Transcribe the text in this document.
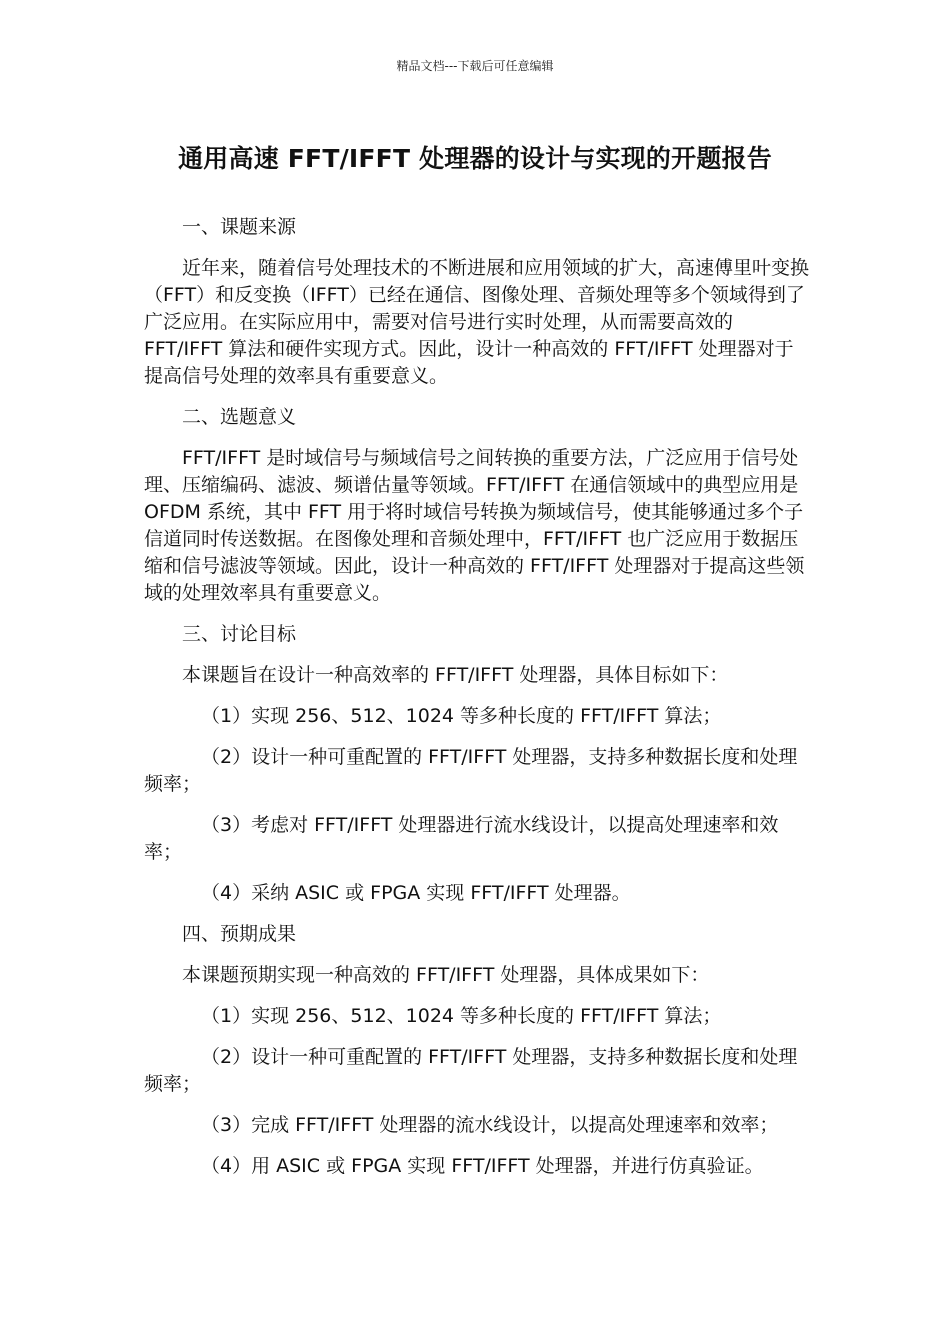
精品文档---下载后可任意编辑
通用高速 FFT/IFFT 处理器的设计与实现的开题报告

一、课题来源

近年来，随着信号处理技术的不断进展和应用领域的扩大，高速傅里叶变换（FFT）和反变换（IFFT）已经在通信、图像处理、音频处理等多个领域得到了广泛应用。在实际应用中，需要对信号进行实时处理，从而需要高效的 FFT/IFFT 算法和硬件实现方式。因此，设计一种高效的 FFT/IFFT 处理器对于提高信号处理的效率具有重要意义。

二、选题意义

FFT/IFFT 是时域信号与频域信号之间转换的重要方法，广泛应用于信号处理、压缩编码、滤波、频谱估量等领域。FFT/IFFT 在通信领域中的典型应用是 OFDM 系统，其中 FFT 用于将时域信号转换为频域信号，使其能够通过多个子信道同时传送数据。在图像处理和音频处理中，FFT/IFFT 也广泛应用于数据压缩和信号滤波等领域。因此，设计一种高效的 FFT/IFFT 处理器对于提高这些领域的处理效率具有重要意义。

三、讨论目标

本课题旨在设计一种高效率的 FFT/IFFT 处理器，具体目标如下：

（1）实现 256、512、1024 等多种长度的 FFT/IFFT 算法；

（2）设计一种可重配置的 FFT/IFFT 处理器，支持多种数据长度和处理频率；

（3）考虑对 FFT/IFFT 处理器进行流水线设计，以提高处理速率和效率；

（4）采纳 ASIC 或 FPGA 实现 FFT/IFFT 处理器。

四、预期成果

本课题预期实现一种高效的 FFT/IFFT 处理器，具体成果如下：

（1）实现 256、512、1024 等多种长度的 FFT/IFFT 算法；

（2）设计一种可重配置的 FFT/IFFT 处理器，支持多种数据长度和处理频率；

（3）完成 FFT/IFFT 处理器的流水线设计，以提高处理速率和效率；

（4）用 ASIC 或 FPGA 实现 FFT/IFFT 处理器，并进行仿真验证。
